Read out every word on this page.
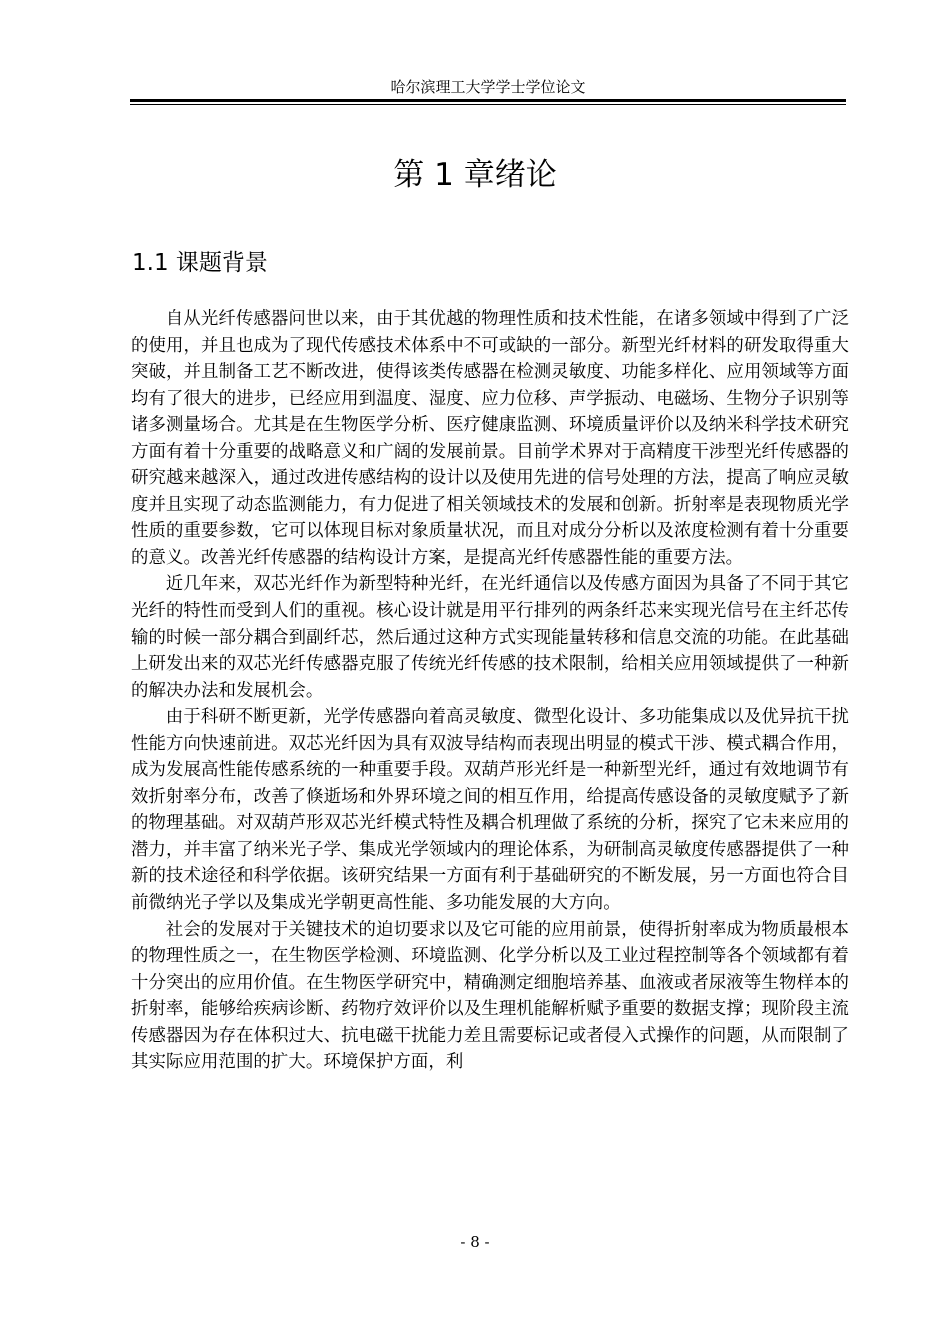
哈尔滨理工大学学士学位论文
第 1 章绪论
1.1 课题背景

自从光纤传感器问世以来，由于其优越的物理性质和技术性能，在诸多领域中得到了广泛的使用，并且也成为了现代传感技术体系中不可或缺的一部分。新型光纤材料的研发取得重大突破，并且制备工艺不断改进，使得该类传感器在检测灵敏度、功能多样化、应用领域等方面均有了很大的进步，已经应用到温度、湿度、应力位移、声学振动、电磁场、生物分子识别等诸多测量场合。尤其是在生物医学分析、医疗健康监测、环境质量评价以及纳米科学技术研究方面有着十分重要的战略意义和广阔的发展前景。目前学术界对于高精度干涉型光纤传感器的研究越来越深入，通过改进传感结构的设计以及使用先进的信号处理的方法，提高了响应灵敏度并且实现了动态监测能力，有力促进了相关领域技术的发展和创新。折射率是表现物质光学性质的重要参数，它可以体现目标对象质量状况，而且对成分分析以及浓度检测有着十分重要的意义。改善光纤传感器的结构设计方案，是提高光纤传感器性能的重要方法。

近几年来，双芯光纤作为新型特种光纤，在光纤通信以及传感方面因为具备了不同于其它光纤的特性而受到人们的重视。核心设计就是用平行排列的两条纤芯来实现光信号在主纤芯传输的时候一部分耦合到副纤芯，然后通过这种方式实现能量转移和信息交流的功能。在此基础上研发出来的双芯光纤传感器克服了传统光纤传感的技术限制，给相关应用领域提供了一种新的解决办法和发展机会。

由于科研不断更新，光学传感器向着高灵敏度、微型化设计、多功能集成以及优异抗干扰性能方向快速前进。双芯光纤因为具有双波导结构而表现出明显的模式干涉、模式耦合作用，成为发展高性能传感系统的一种重要手段。双葫芦形光纤是一种新型光纤，通过有效地调节有效折射率分布，改善了倏逝场和外界环境之间的相互作用，给提高传感设备的灵敏度赋予了新的物理基础。对双葫芦形双芯光纤模式特性及耦合机理做了系统的分析，探究了它未来应用的潜力，并丰富了纳米光子学、集成光学领域内的理论体系，为研制高灵敏度传感器提供了一种新的技术途径和科学依据。该研究结果一方面有利于基础研究的不断发展，另一方面也符合目前微纳光子学以及集成光学朝更高性能、多功能发展的大方向。

社会的发展对于关键技术的迫切要求以及它可能的应用前景，使得折射率成为物质最根本的物理性质之一，在生物医学检测、环境监测、化学分析以及工业过程控制等各个领域都有着十分突出的应用价值。在生物医学研究中，精确测定细胞培养基、血液或者尿液等生物样本的折射率，能够给疾病诊断、药物疗效评价以及生理机能解析赋予重要的数据支撑；现阶段主流传感器因为存在体积过大、抗电磁干扰能力差且需要标记或者侵入式操作的问题，从而限制了其实际应用范围的扩大。环境保护方面，利

- 8 -
